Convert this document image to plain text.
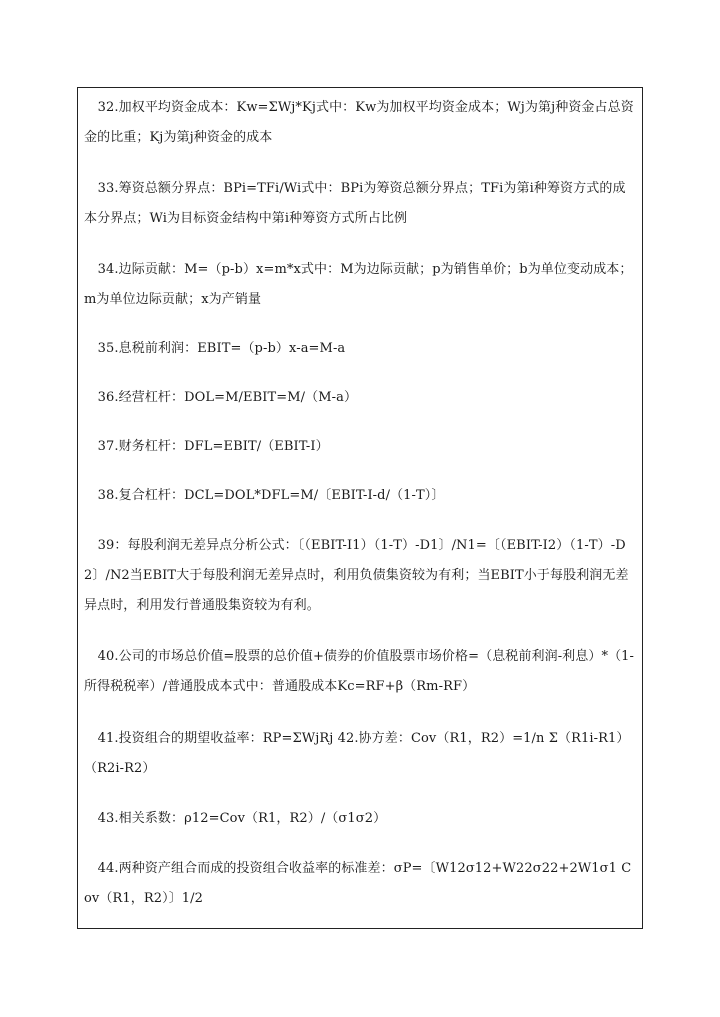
32.加权平均资金成本：Kw=ΣWj*Kj式中：Kw为加权平均资金成本；Wj为第j种资金占总资金的比重；Kj为第j种资金的成本

33.筹资总额分界点：BPi=TFi/Wi式中：BPi为筹资总额分界点；TFi为第i种筹资方式的成本分界点；Wi为目标资金结构中第i种筹资方式所占比例

34.边际贡献：M=（p-b）x=m*x式中：M为边际贡献；p为销售单价；b为单位变动成本；m为单位边际贡献；x为产销量

35.息税前利润：EBIT=（p-b）x-a=M-a

36.经营杠杆：DOL=M/EBIT=M/（M-a）

37.财务杠杆：DFL=EBIT/（EBIT-I）

38.复合杠杆：DCL=DOL*DFL=M/〔EBIT-I-d/（1-T）〕

39：每股利润无差异点分析公式：〔（EBIT-I1）（1-T）-D1〕/N1=〔（EBIT-I2）（1-T）-D2〕/N2当EBIT大于每股利润无差异点时，利用负债集资较为有利；当EBIT小于每股利润无差异点时，利用发行普通股集资较为有利。

40.公司的市场总价值=股票的总价值+债券的价值股票市场价格=（息税前利润-利息）*（1-所得税税率）/普通股成本式中：普通股成本Kc=RF+β（Rm-RF）

41.投资组合的期望收益率：RP=ΣWjRj 42.协方差：Cov（R1，R2）=1/n Σ（R1i-R1）（R2i-R2）

43.相关系数：ρ12=Cov（R1，R2）/（σ1σ2）

44.两种资产组合而成的投资组合收益率的标准差：σP=〔W12σ12+W22σ22+2W1σ1 Cov（R1，R2）〕1/2
